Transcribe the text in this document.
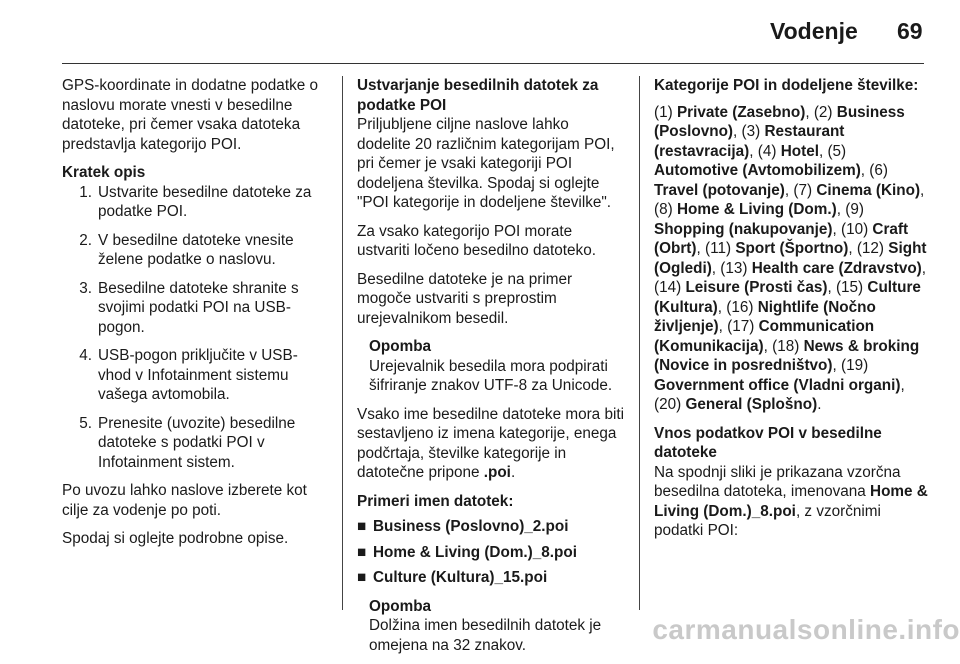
Vodenje 69

GPS-koordinate in dodatne podatke o naslovu morate vnesti v besedilne datoteke, pri čemer vsaka datoteka predstavlja kategorijo POI.

Kratek opis
1. Ustvarite besedilne datoteke za podatke POI.
2. V besedilne datoteke vnesite želene podatke o naslovu.
3. Besedilne datoteke shranite s svojimi podatki POI na USB-pogon.
4. USB-pogon priključite v USB-vhod v Infotainment sistemu vašega avtomobila.
5. Prenesite (uvozite) besedilne datoteke s podatki POI v Infotainment sistem.

Po uvozu lahko naslove izberete kot cilje za vodenje po poti.

Spodaj si oglejte podrobne opise.

Ustvarjanje besedilnih datotek za podatke POI

Priljubljene ciljne naslove lahko dodelite 20 različnim kategorijam POI, pri čemer je vsaki kategoriji POI dodeljena številka. Spodaj si oglejte "POI kategorije in dodeljene številke".

Za vsako kategorijo POI morate ustvariti ločeno besedilno datoteko.

Besedilne datoteke je na primer mogoče ustvariti s preprostim urejevalnikom besedil.

Opomba
Urejevalnik besedila mora podpirati šifriranje znakov UTF-8 za Unicode.

Vsako ime besedilne datoteke mora biti sestavljeno iz imena kategorije, enega podčrtaja, številke kategorije in datotečne pripone .poi.

Primeri imen datotek:
■ Business (Poslovno)_2.poi
■ Home & Living (Dom.)_8.poi
■ Culture (Kultura)_15.poi
Opomba
Dolžina imen besedilnih datotek je omejena na 32 znakov.
Kategorije POI in dodeljene številke:

(1) Private (Zasebno), (2) Business (Poslovno), (3) Restaurant (restavracija), (4) Hotel, (5) Automotive (Avtomobilizem), (6) Travel (potovanje), (7) Cinema (Kino), (8) Home & Living (Dom.), (9) Shopping (nakupovanje), (10) Craft (Obrt), (11) Sport (Športno), (12) Sight (Ogledi), (13) Health care (Zdravstvo), (14) Leisure (Prosti čas), (15) Culture (Kultura), (16) Nightlife (Nočno življenje), (17) Communication (Komunikacija), (18) News & broking (Novice in posredništvo), (19) Government office (Vladni organi), (20) General (Splošno).

Vnos podatkov POI v besedilne datoteke

Na spodnji sliki je prikazana vzorčna besedilna datoteka, imenovana Home & Living (Dom.)_8.poi, z vzorčnimi podatki POI:

carmanualsonline.info
